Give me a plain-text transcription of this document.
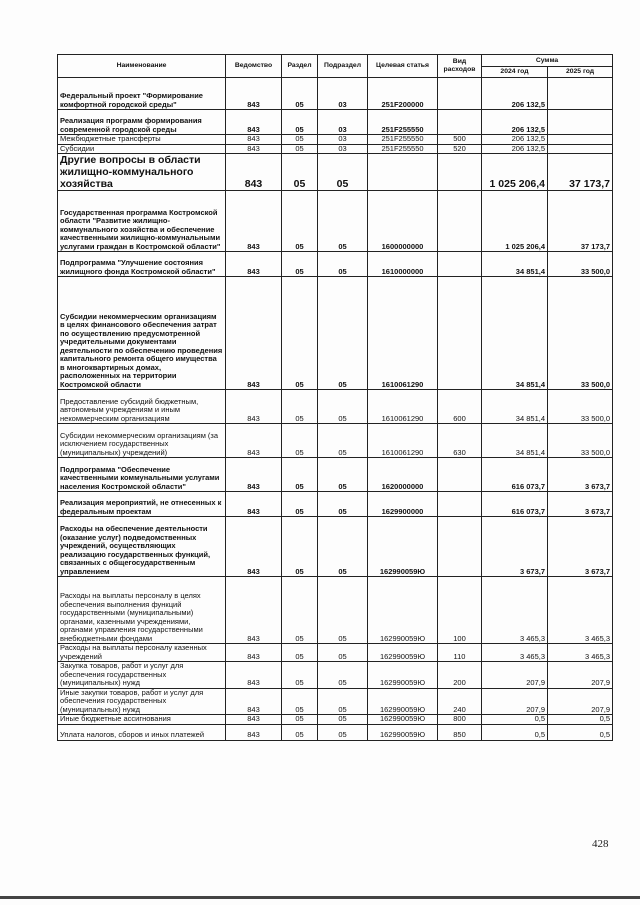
Наименование	Ведомство	Раздел	Подраздел	Целевая статья	Вид расходов	Сумма	
						2024 год	2025 год
Федеральный проект "Формирование комфортной городской среды"	843	05	03	251F200000		206 132,5	
Реализация программ формирования современной городской среды	843	05	03	251F255550		206 132,5	
Межбюджетные трансферты	843	05	03	251F255550	500	206 132,5	
Субсидии	843	05	03	251F255550	520	206 132,5	
Другие вопросы в области жилищно-коммунального хозяйства	843	05	05			1 025 206,4	37 173,7
Государственная программа Костромской области "Развитие жилищно-коммунального хозяйства и обеспечение качественными жилищно-коммунальными услугами граждан в Костромской области"	843	05	05	1600000000		1 025 206,4	37 173,7
Подпрограмма "Улучшение состояния жилищного фонда Костромской области"	843	05	05	1610000000		34 851,4	33 500,0
Субсидии некоммерческим организациям в целях финансового обеспечения затрат по осуществлению предусмотренной учредительными документами деятельности по обеспечению проведения капитального ремонта общего имущества в многоквартирных домах, расположенных на территории Костромской области	843	05	05	1610061290		34 851,4	33 500,0
Предоставление субсидий бюджетным, автономным учреждениям и иным некоммерческим организациям	843	05	05	1610061290	600	34 851,4	33 500,0
Субсидии некоммерческим организациям (за исключением государственных (муниципальных) учреждений)	843	05	05	1610061290	630	34 851,4	33 500,0
Подпрограмма "Обеспечение качественными коммунальными услугами населения Костромской области"	843	05	05	1620000000		616 073,7	3 673,7
Реализация мероприятий, не отнесенных к федеральным проектам	843	05	05	1629900000		616 073,7	3 673,7
Расходы на обеспечение деятельности (оказание услуг) подведомственных учреждений, осуществляющих реализацию государственных функций, связанных с общегосударственным управлением	843	05	05	162990059Ю		3 673,7	3 673,7
Расходы на выплаты персоналу в целях обеспечения выполнения функций государственными (муниципальными) органами, казенными учреждениями, органами управления государственными внебюджетными фондами	843	05	05	162990059Ю	100	3 465,3	3 465,3
Расходы на выплаты персоналу казенных учреждений	843	05	05	162990059Ю	110	3 465,3	3 465,3
Закупка товаров, работ и услуг для обеспечения государственных (муниципальных) нужд	843	05	05	162990059Ю	200	207,9	207,9
Иные закупки товаров, работ и услуг для обеспечения государственных (муниципальных) нужд	843	05	05	162990059Ю	240	207,9	207,9
Иные бюджетные ассигнования	843	05	05	162990059Ю	800	0,5	0,5
Уплата налогов, сборов и иных платежей	843	05	05	162990059Ю	850	0,5	0,5
428
